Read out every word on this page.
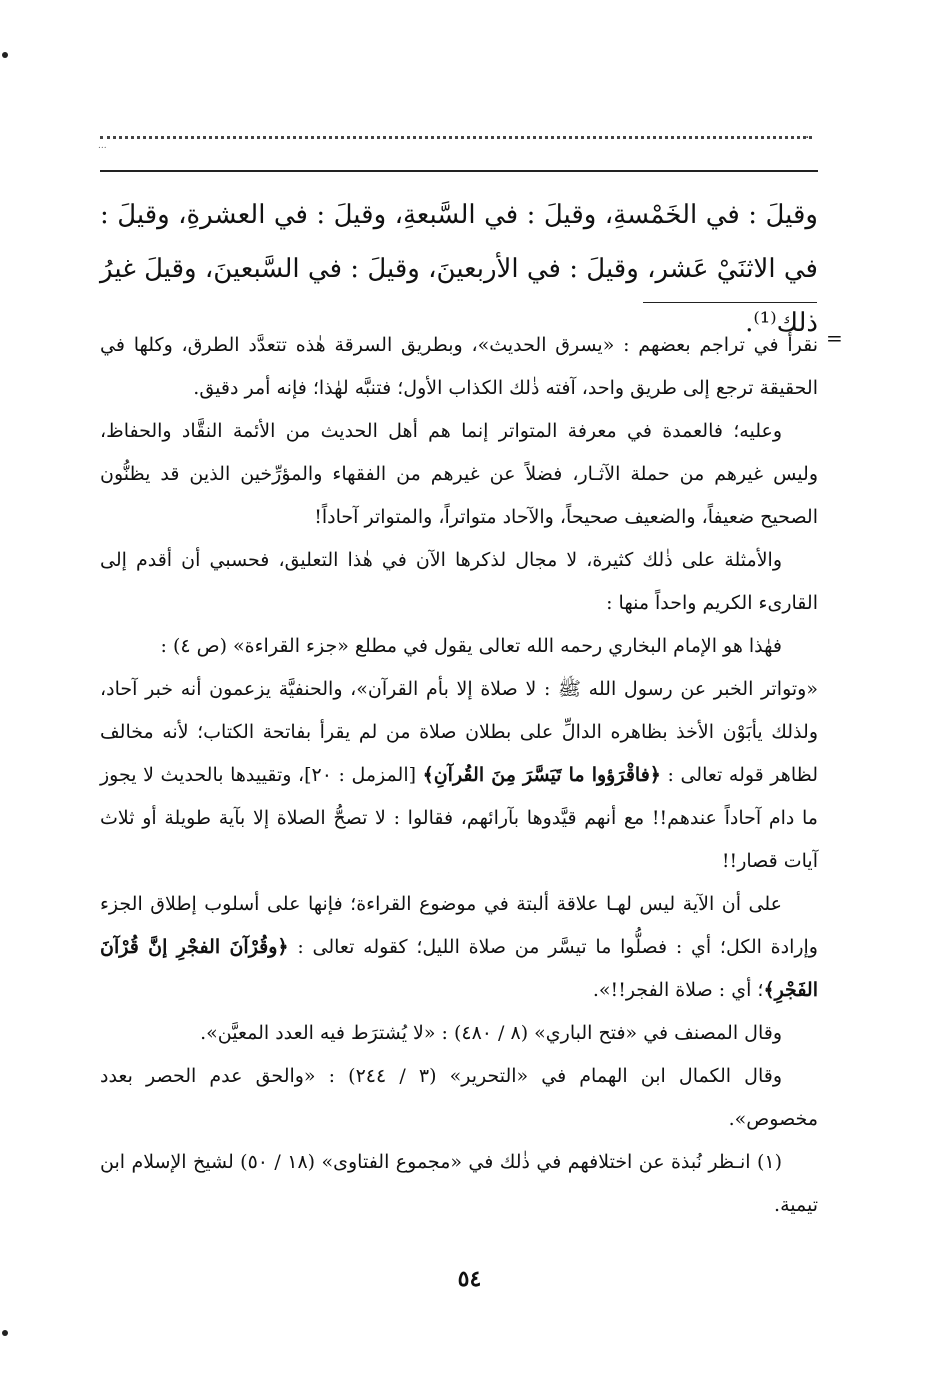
·
...
وقيلَ : في الخَمْسةِ، وقيلَ : في السَّبعةِ، وقيلَ : في العشرةِ، وقيلَ : في الاثنَيْ عَشر، وقيلَ : في الأربعينَ، وقيلَ : في السَّبعينَ، وقيلَ غيرُ ذلك⁽¹⁾. =

نقرأ في تراجم بعضهم : «يسرق الحديث»، وبطريق السرقة هٰذه تتعدَّد الطرق، وكلها في الحقيقة ترجع إلى طريق واحد، آفته ذٰلك الكذاب الأول؛ فتنبَّه لهٰذا؛ فإنه أمر دقيق.

وعليه؛ فالعمدة في معرفة المتواتر إنما هم أهل الحديث من الأئمة النقَّاد والحفاظ، وليس غيرهم من حملة الآثـار، فضلاً عن غيرهم من الفقهاء والمؤرِّخين الذين قد يظنُّون الصحيح ضعيفاً، والضعيف صحيحاً، والآحاد متواتراً، والمتواتر آحاداً!

والأمثلة على ذٰلك كثيرة، لا مجال لذكرها الآن في هٰذا التعليق، فحسبي أن أقدم إلى القارىء الكريم واحداً منها :

فهٰذا هو الإمام البخاري رحمه الله تعالى يقول في مطلع «جزء القراءة» (ص ٤) :

«وتواتر الخبر عن رسول الله ﷺ : لا صلاة إلا بأم القرآن»، والحنفيَّة يزعمون أنه خبر آحاد، ولذلك يأبَوْن الأخذ بظاهره الدالِّ على بطلان صلاة من لم يقرأ بفاتحة الكتاب؛ لأنه مخالف لظاهر قوله تعالى : ﴿فاقْرَؤوا ما تَيَسَّرَ مِنَ القُرآنِ﴾ [المزمل : ٢٠]، وتقييدها بالحديث لا يجوز ما دام آحاداً عندهم!! مع أنهم قيَّدوها بآرائهم، فقالوا : لا تصحُّ الصلاة إلا بآية طويلة أو ثلاث آيات قصار!!

على أن الآية ليس لهـا علاقة ألبتة في موضوع القراءة؛ فإنها على أسلوب إطلاق الجزء وإرادة الكل؛ أي : فصلُّوا ما تيسَّر من صلاة الليل؛ كقوله تعالى : ﴿وقُرْآنَ الفجْرِ إنَّ قُرْآنَ الفَجْرِ﴾؛ أي : صلاة الفجر!!».

وقال المصنف في «فتح الباري» (٨ / ٤٨٠) : «لا يُشترَط فيه العدد المعيَّن».

وقال الكمال ابن الهمام في «التحرير» (٣ / ٢٤٤) : «والحق عدم الحصر بعدد مخصوص».

(١) انـظر نُبذة عن اختلافهم في ذٰلك في «مجموع الفتاوى» (١٨ / ٥٠) لشيخ الإسلام ابن تيمية.

٥٤
